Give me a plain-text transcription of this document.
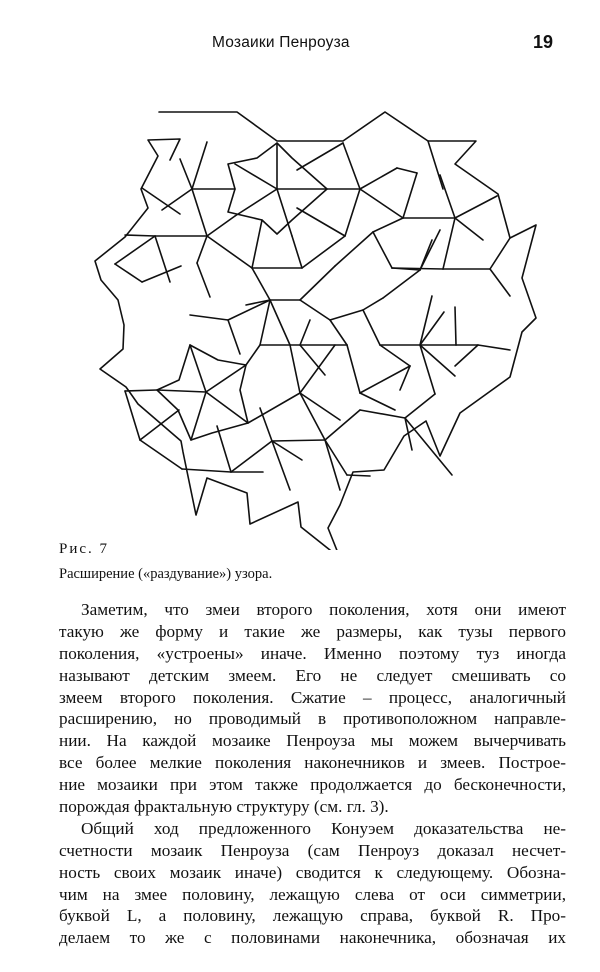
Мозаики Пенроуза	19
Рис. 7
Расширение («раздувание») узора.
Заметим, что змеи второго поколения, хотя они имеют
такую же форму и такие же размеры, как тузы первого
поколения, «устроены» иначе. Именно поэтому туз иногда
называют детским змеем. Его не следует смешивать со
змеем второго поколения. Сжатие – процесс, аналогичный
расширению, но проводимый в противоположном направле-
нии. На каждой мозаике Пенроуза мы можем вычерчивать
все более мелкие поколения наконечников и змеев. Построе-
ние мозаики при этом также продолжается до бесконечности,
порождая фрактальную структуру (см. гл. 3).
Общий ход предложенного Конуэем доказательства не-
счетности мозаик Пенроуза (сам Пенроуз доказал несчет-
ность своих мозаик иначе) сводится к следующему. Обозна-
чим на змее половину, лежащую слева от оси симметрии,
буквой L, а половину, лежащую справа, буквой R. Про-
делаем то же с половинами наконечника, обозначая их
